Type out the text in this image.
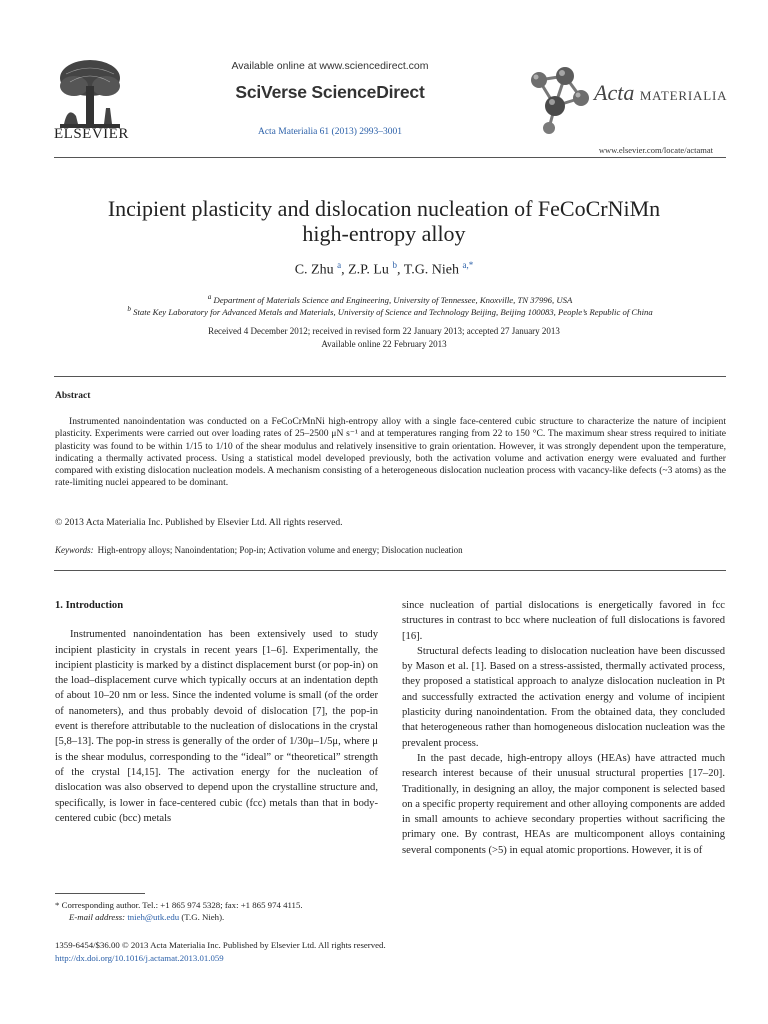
ELSEVIER
Available online at www.sciencedirect.com
SciVerse ScienceDirect
Acta Materialia 61 (2013) 2993–3001
Acta MATERIALIA
www.elsevier.com/locate/actamat
Incipient plasticity and dislocation nucleation of FeCoCrNiMn
high-entropy alloy
C. Zhu $^a$, Z.P. Lu $^b$, T.G. Nieh $^{a,*}$
$^a$ Department of Materials Science and Engineering, University of Tennessee, Knoxville, TN 37996, USA
$^b$ State Key Laboratory for Advanced Metals and Materials, University of Science and Technology Beijing, Beijing 100083, People’s Republic of China
Received 4 December 2012; received in revised form 22 January 2013; accepted 27 January 2013
Available online 22 February 2013
Abstract
Instrumented nanoindentation was conducted on a FeCoCrMnNi high-entropy alloy with a single face-centered cubic structure to characterize the nature of incipient plasticity. Experiments were carried out over loading rates of 25–2500 μN s⁻¹ and at temperatures ranging from 22 to 150 °C. The maximum shear stress required to initiate plasticity was found to be within 1/15 to 1/10 of the shear modulus and relatively insensitive to grain orientation. However, it was strongly dependent upon the temperature, indicating a thermally activated process. Using a statistical model developed previously, both the activation volume and activation energy were evaluated and further compared with existing dislocation nucleation models. A mechanism consisting of a heterogeneous dislocation nucleation process with vacancy-like defects (~3 atoms) as the rate-limiting nuclei appeared to be dominant.
© 2013 Acta Materialia Inc. Published by Elsevier Ltd. All rights reserved.
Keywords: High-entropy alloys; Nanoindentation; Pop-in; Activation volume and energy; Dislocation nucleation
1. Introduction

Instrumented nanoindentation has been extensively used to study incipient plasticity in crystals in recent years [1–6]. Experimentally, the incipient plasticity is marked by a distinct displacement burst (or pop-in) on the load–displacement curve which typically occurs at an indentation depth of about 10–20 nm or less. Since the indented volume is small (of the order of nanometers), and thus probably devoid of dislocation [7], the pop-in event is therefore attributable to the nucleation of dislocations in the crystal [5,8–13]. The pop-in stress is generally of the order of 1/30μ–1/5μ, where μ is the shear modulus, corresponding to the “ideal” or “theoretical” strength of the crystal [14,15]. The activation energy for the nucleation of dislocation was also observed to depend upon the crystalline structure and, specifically, is lower in face-centered cubic (fcc) metals than that in body-centered cubic (bcc) metals

since nucleation of partial dislocations is energetically favored in fcc structures in contrast to bcc where nucleation of full dislocations is favored [16].

Structural defects leading to dislocation nucleation have been discussed by Mason et al. [1]. Based on a stress-assisted, thermally activated process, they proposed a statistical approach to analyze dislocation nucleation in Pt and successfully extracted the activation energy and volume of incipient plasticity during nanoindentation. From the obtained data, they concluded that heterogeneous rather than homogeneous dislocation nucleation was the prevalent process.

In the past decade, high-entropy alloys (HEAs) have attracted much research interest because of their unusual structural properties [17–20]. Traditionally, in designing an alloy, the major component is selected based on a specific property requirement and other alloying components are added in small amounts to achieve secondary properties without sacrificing the primary one. By contrast, HEAs are multicomponent alloys containing several components (>5) in equal atomic proportions. However, it is of

* Corresponding author. Tel.: +1 865 974 5328; fax: +1 865 974 4115.
E-mail address: tnieh@utk.edu (T.G. Nieh).
1359-6454/$36.00 © 2013 Acta Materialia Inc. Published by Elsevier Ltd. All rights reserved.
http://dx.doi.org/10.1016/j.actamat.2013.01.059
